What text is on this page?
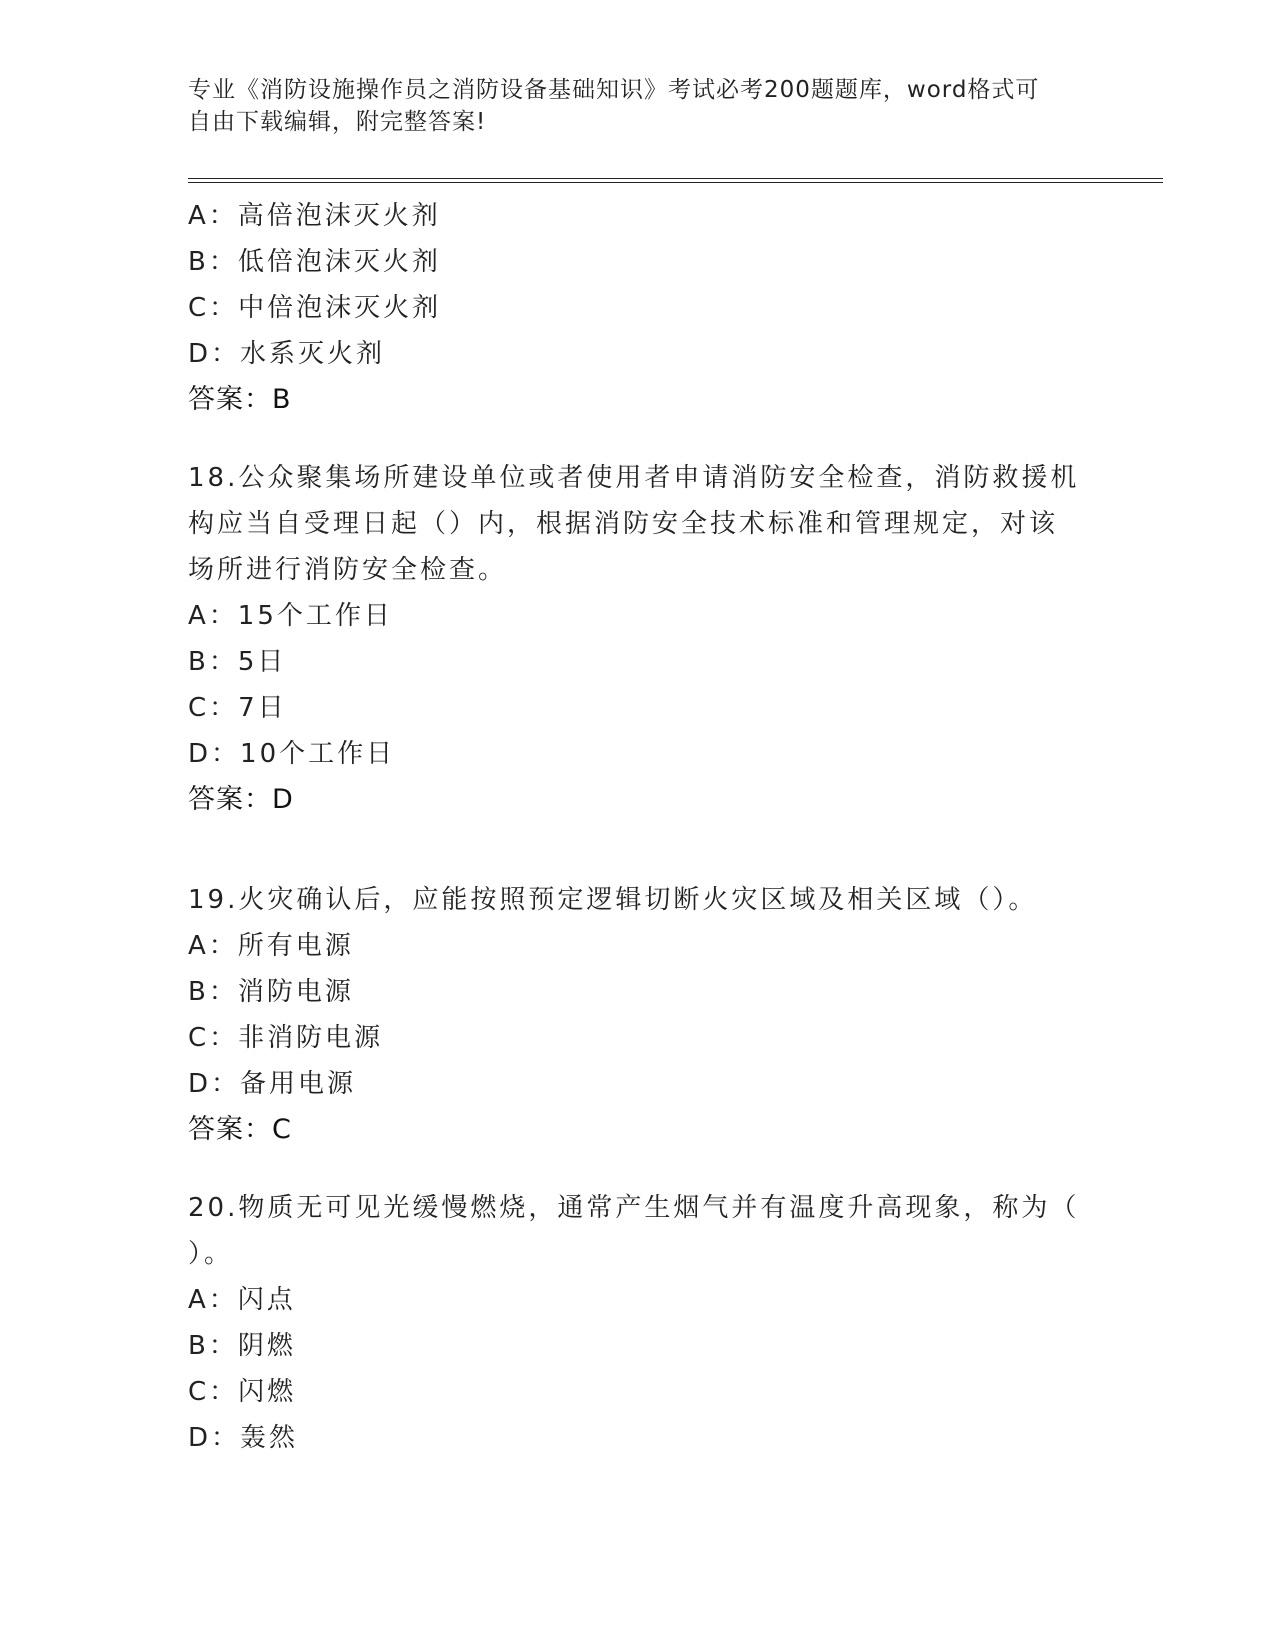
专业《消防设施操作员之消防设备基础知识》考试必考200题题库，word格式可
自由下载编辑，附完整答案!
A：高倍泡沫灭火剂
B：低倍泡沫灭火剂
C：中倍泡沫灭火剂
D：水系灭火剂
答案：B
18.公众聚集场所建设单位或者使用者申请消防安全检查，消防救援机
构应当自受理日起（）内，根据消防安全技术标准和管理规定，对该
场所进行消防安全检查。
A：15个工作日
B：5日
C：7日
D：10个工作日
答案：D
19.火灾确认后，应能按照预定逻辑切断火灾区域及相关区域（）。
A：所有电源
B：消防电源
C：非消防电源
D：备用电源
答案：C
20.物质无可见光缓慢燃烧，通常产生烟气并有温度升高现象，称为（
）。
A：闪点
B：阴燃
C：闪燃
D：轰然
